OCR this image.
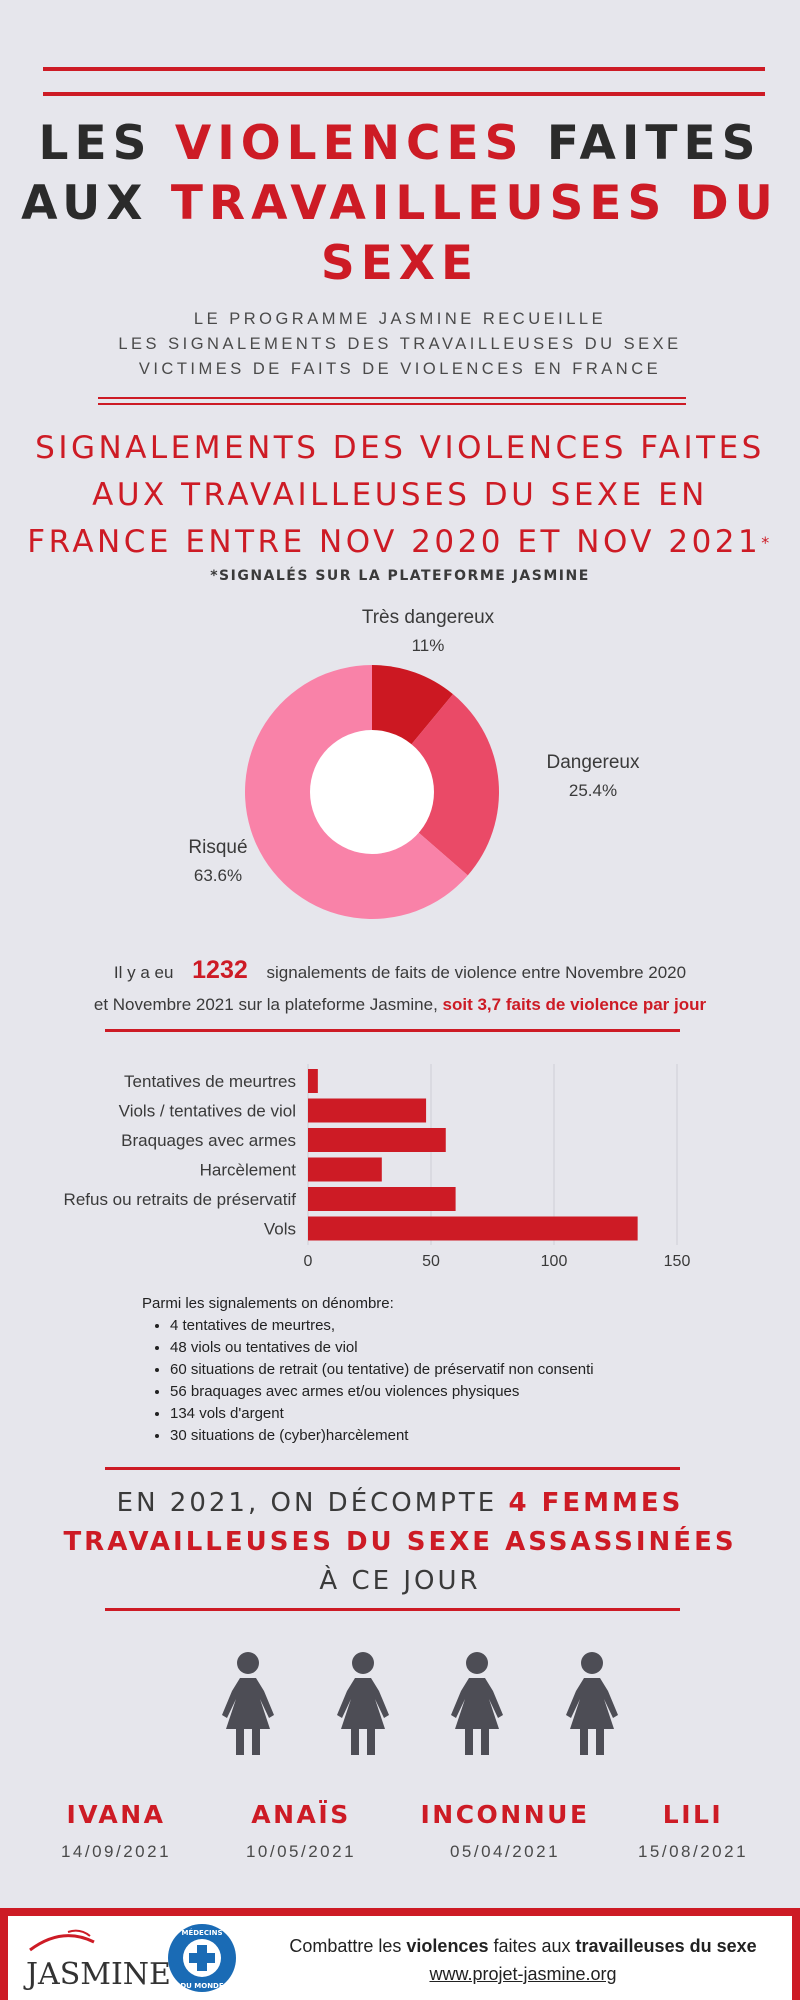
LES VIOLENCES FAITES
AUX TRAVAILLEUSES DU
SEXE
LE PROGRAMME JASMINE RECUEILLE
LES SIGNALEMENTS DES TRAVAILLEUSES DU SEXE
VICTIMES DE FAITS DE VIOLENCES EN FRANCE
SIGNALEMENTS DES VIOLENCES FAITES
AUX TRAVAILLEUSES DU SEXE EN
FRANCE ENTRE NOV 2020 ET NOV 2021*
*SIGNALÉS SUR LA PLATEFORME JASMINE
Très dangereux
11%
Dangereux
25.4%
Risqué
63.6%
Il y a eu 1232 signalements de faits de violence entre Novembre 2020
et Novembre 2021 sur la plateforme Jasmine, soit 3,7 faits de violence par jour
Tentatives de meurtres
Viols / tentatives de viol
Braquages avec armes
Harcèlement
Refus ou retraits de préservatif
Vols
0	50	100	150
Parmi les signalements on dénombre:
• 4 tentatives de meurtres,
• 48 viols ou tentatives de viol
• 60 situations de retrait (ou tentative) de préservatif non consenti
• 56 braquages avec armes et/ou violences physiques
• 134 vols d'argent
• 30 situations de (cyber)harcèlement
EN 2021, ON DÉCOMPTE 4 FEMMES
TRAVAILLEUSES DU SEXE ASSASSINÉES
À CE JOUR
IVANA
14/09/2021
ANAÏS
10/05/2021
INCONNUE
05/04/2021
LILI
15/08/2021
JASMINE
MÉDECINS
DU MONDE
Combattre les violences faites aux travailleuses du sexe
www.projet-jasmine.org
